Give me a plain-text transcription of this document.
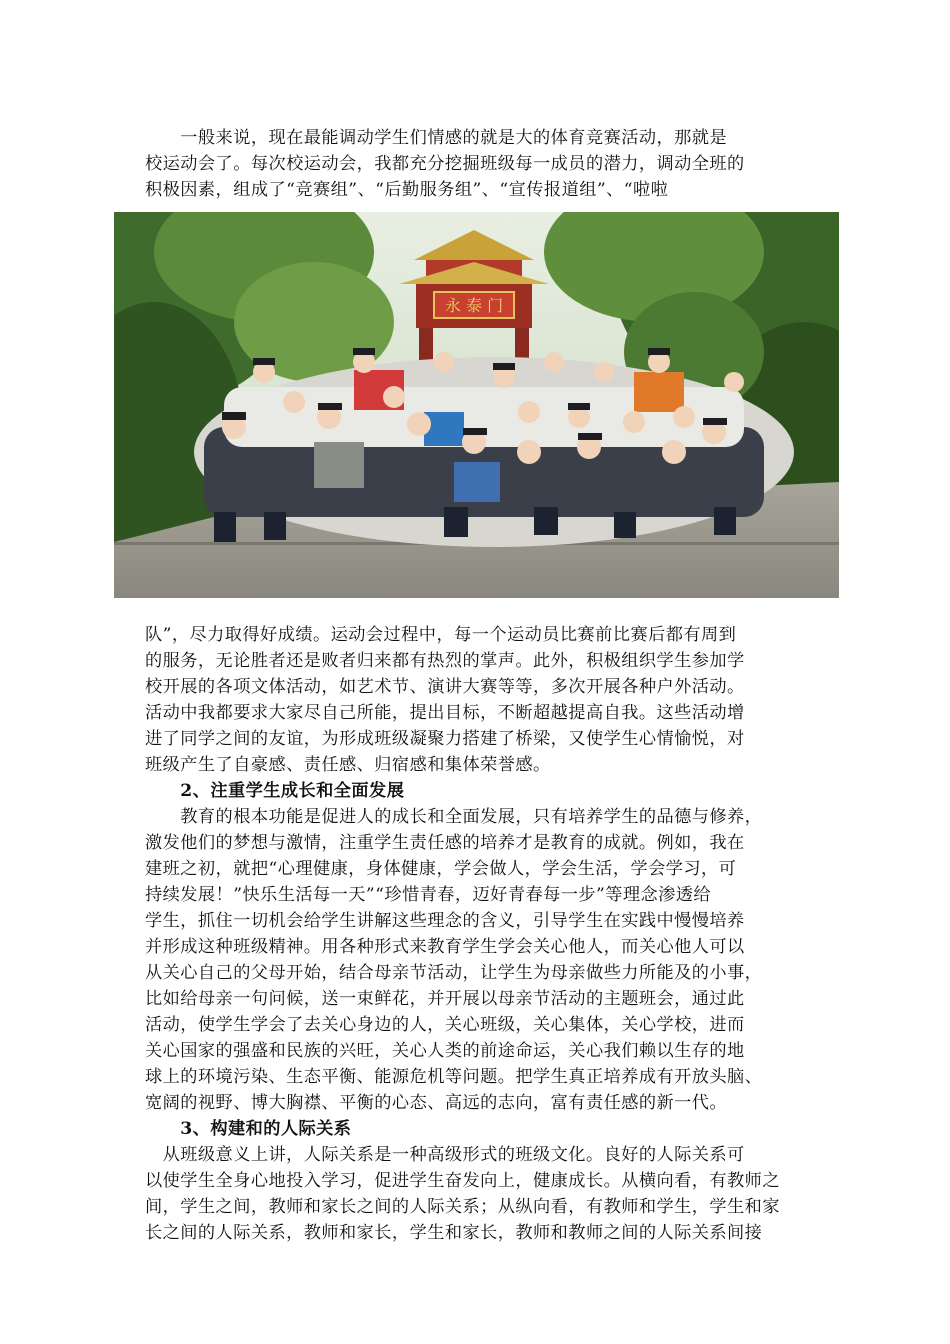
　　一般来说，现在最能调动学生们情感的就是大的体育竞赛活动，那就是
校运动会了。每次校运动会，我都充分挖掘班级每一成员的潜力，调动全班的
积极因素，组成了“竞赛组”、“后勤服务组”、“宣传报道组”、“啦啦
永 泰 门
队”，尽力取得好成绩。运动会过程中，每一个运动员比赛前比赛后都有周到
的服务，无论胜者还是败者归来都有热烈的掌声。此外，积极组织学生参加学
校开展的各项文体活动，如艺术节、演讲大赛等等，多次开展各种户外活动。
活动中我都要求大家尽自己所能，提出目标，不断超越提高自我。这些活动增
进了同学之间的友谊，为形成班级凝聚力搭建了桥梁，又使学生心情愉悦，对
班级产生了自豪感、责任感、归宿感和集体荣誉感。
　　2、注重学生成长和全面发展
　　教育的根本功能是促进人的成长和全面发展，只有培养学生的品德与修养，
激发他们的梦想与激情，注重学生责任感的培养才是教育的成就。例如，我在
建班之初，就把“心理健康，身体健康，学会做人，学会生活，学会学习，可
持续发展！”快乐生活每一天”“珍惜青春，迈好青春每一步”等理念渗透给
学生，抓住一切机会给学生讲解这些理念的含义，引导学生在实践中慢慢培养
并形成这种班级精神。用各种形式来教育学生学会关心他人，而关心他人可以
从关心自己的父母开始，结合母亲节活动，让学生为母亲做些力所能及的小事，
比如给母亲一句问候，送一束鲜花，并开展以母亲节活动的主题班会，通过此
活动，使学生学会了去关心身边的人，关心班级，关心集体，关心学校，进而
关心国家的强盛和民族的兴旺，关心人类的前途命运，关心我们赖以生存的地
球上的环境污染、生态平衡、能源危机等问题。把学生真正培养成有开放头脑、
宽阔的视野、博大胸襟、平衡的心态、高远的志向，富有责任感的新一代。
　　3、构建和的人际关系
　从班级意义上讲，人际关系是一种高级形式的班级文化。良好的人际关系可
以使学生全身心地投入学习，促进学生奋发向上，健康成长。从横向看，有教师之
间，学生之间，教师和家长之间的人际关系；从纵向看，有教师和学生，学生和家
长之间的人际关系，教师和家长，学生和家长，教师和教师之间的人际关系间接
